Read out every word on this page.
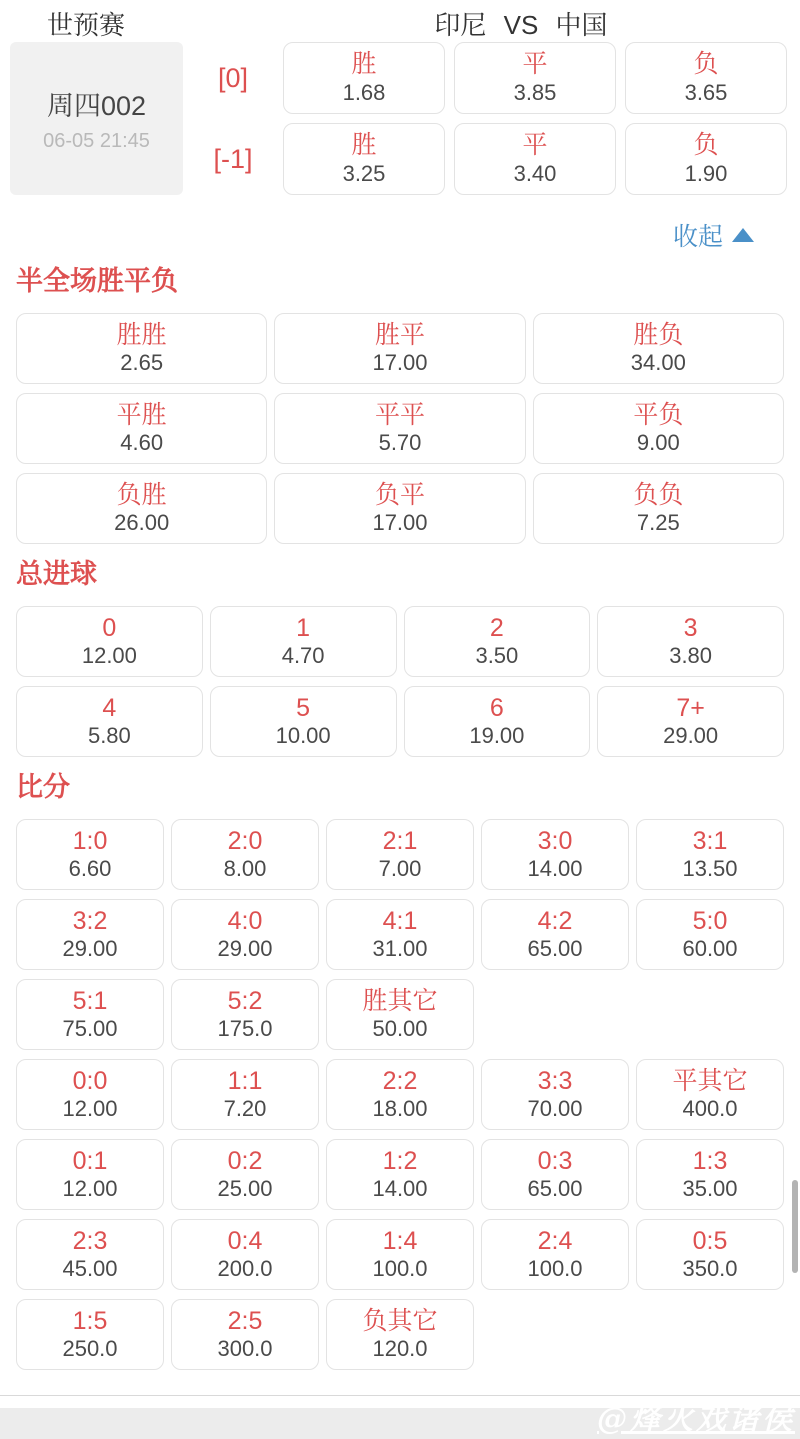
世预赛	印尼 VS 中国
周四002
06-05 21:45
[0]
[-1]
胜
1.68
平
3.85
负
3.65
胜
3.25
平
3.40
负
1.90
收起
半全场胜平负
胜胜
2.65
胜平
17.00
胜负
34.00
平胜
4.60
平平
5.70
平负
9.00
负胜
26.00
负平
17.00
负负
7.25
总进球
0
12.00
1
4.70
2
3.50
3
3.80
4
5.80
5
10.00
6
19.00
7+
29.00
比分
1:0
6.60
2:0
8.00
2:1
7.00
3:0
14.00
3:1
13.50
3:2
29.00
4:0
29.00
4:1
31.00
4:2
65.00
5:0
60.00
5:1
75.00
5:2
175.0
胜其它
50.00
0:0
12.00
1:1
7.20
2:2
18.00
3:3
70.00
平其它
400.0
0:1
12.00
0:2
25.00
1:2
14.00
0:3
65.00
1:3
35.00
2:3
45.00
0:4
200.0
1:4
100.0
2:4
100.0
0:5
350.0
1:5
250.0
2:5
300.0
负其它
120.0
@烽火戏诸侯
